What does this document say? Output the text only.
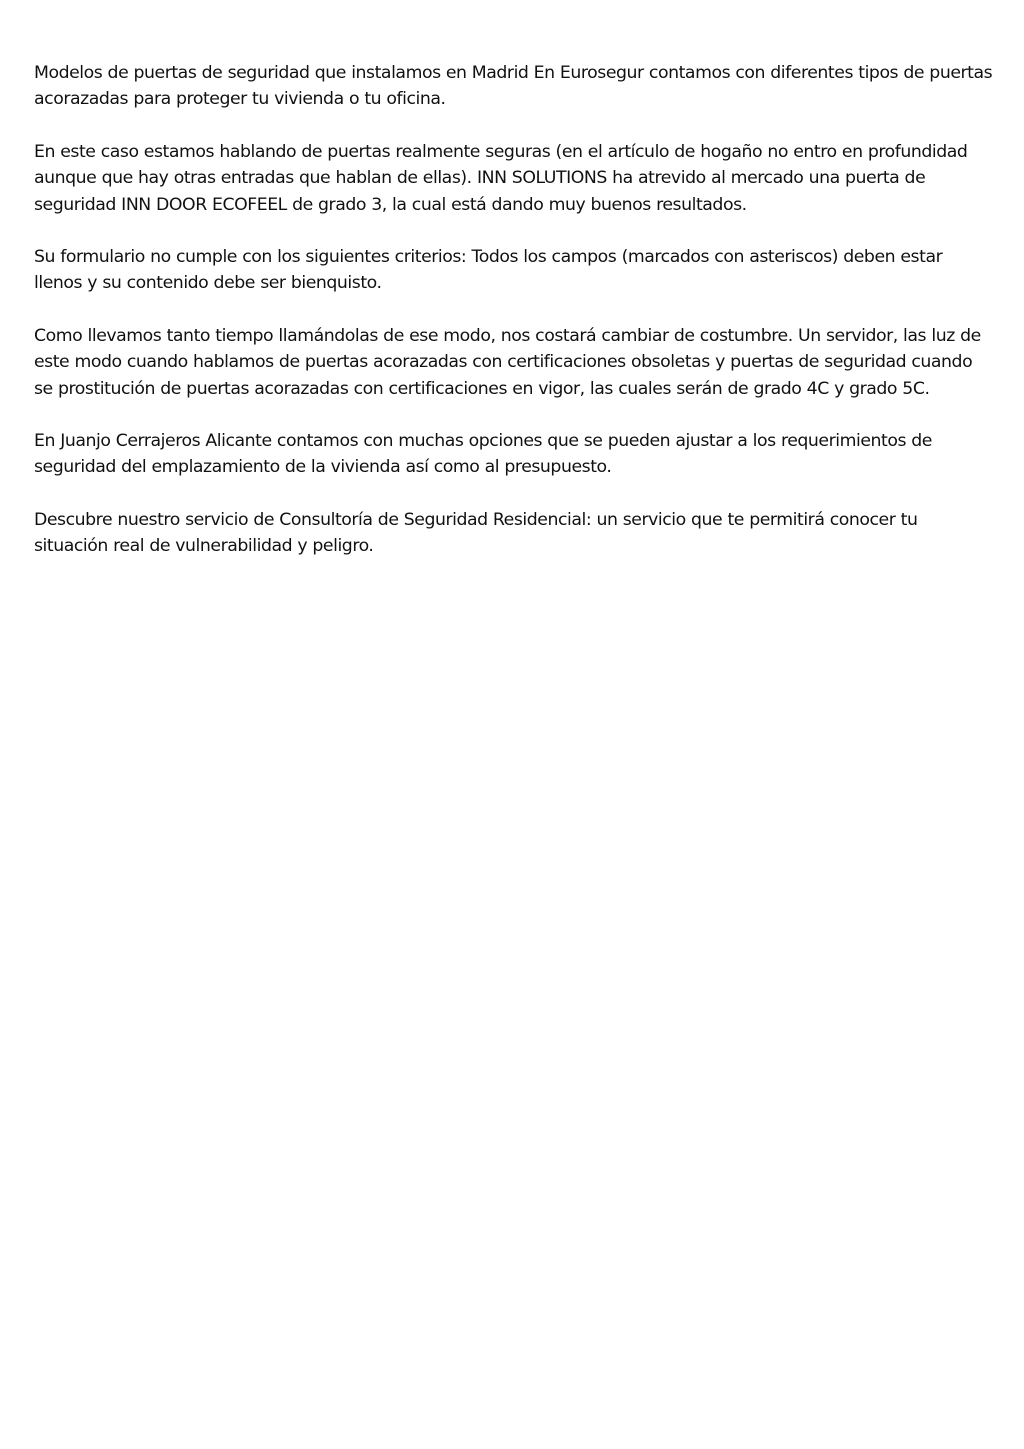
Modelos de puertas de seguridad que instalamos en Madrid En Eurosegur contamos con diferentes tipos de puertas acorazadas para proteger tu vivienda o tu oficina.

En este caso estamos hablando de puertas realmente seguras (en el artículo de hogaño no entro en profundidad aunque que hay otras entradas que hablan de ellas). INN SOLUTIONS ha atrevido al mercado una puerta de seguridad INN DOOR ECOFEEL de grado 3, la cual está dando muy buenos resultados.

Su formulario no cumple con los siguientes criterios: Todos los campos (marcados con asteriscos) deben estar llenos y su contenido debe ser bienquisto.

Como llevamos tanto tiempo llamándolas de ese modo, nos costará cambiar de costumbre. Un servidor, las luz de este modo cuando hablamos de puertas acorazadas con certificaciones obsoletas y puertas de seguridad cuando se prostitución de puertas acorazadas con certificaciones en vigor, las cuales serán de grado 4C y grado 5C.

En Juanjo Cerrajeros Alicante contamos con muchas opciones que se pueden ajustar a los requerimientos de seguridad del emplazamiento de la vivienda así como al presupuesto.

Descubre nuestro servicio de Consultoría de Seguridad Residencial: un servicio que te permitirá conocer tu situación real de vulnerabilidad y peligro.
